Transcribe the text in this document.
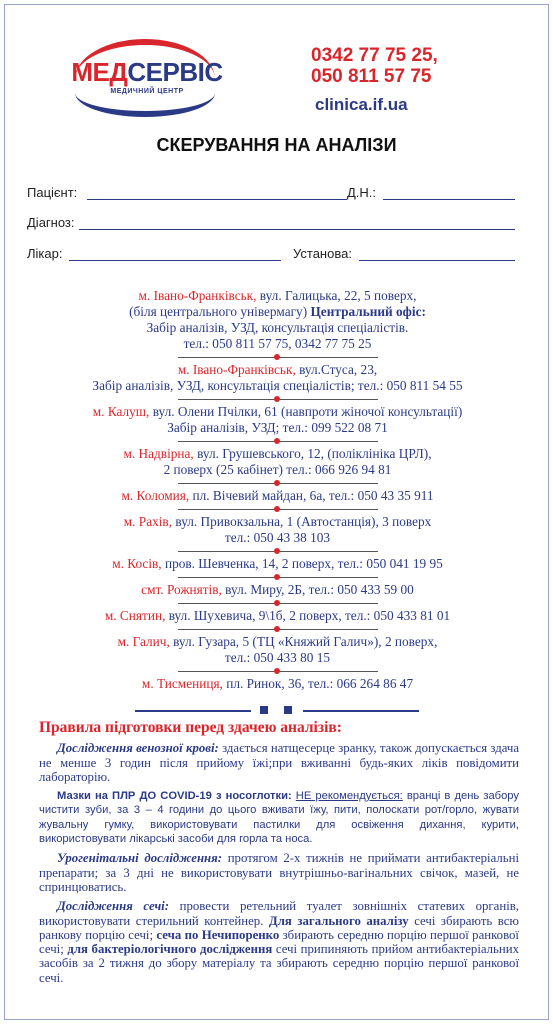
МЕДСЕРВІС
МЕДИЧНИЙ ЦЕНТР
0342 77 75 25,
050 811 57 75
clinica.if.ua
СКЕРУВАННЯ НА АНАЛІЗИ
Пацієнт:	Д.Н.:
Діагноз:
Лікар:	Установа:
м. Івано-Франківськ, вул. Галицька, 22, 5 поверх,
(біля центрального універмагу) Центральний офіс:
Забір аналізів, УЗД, консультація спеціалістів.
тел.: 050 811 57 75, 0342 77 75 25
м. Івано-Франківськ, вул.Стуса, 23,
Забір аналізів, УЗД, консультація спеціалістів; тел.: 050 811 54 55
м. Калуш, вул. Олени Пчілки, 61 (навпроти жіночої консультації)
Забір аналізів, УЗД; тел.: 099 522 08 71
м. Надвірна, вул. Грушевського, 12, (поліклініка ЦРЛ),
2 поверх (25 кабінет) тел.: 066 926 94 81
м. Коломия, пл. Вічевий майдан, 6а, тел.: 050 43 35 911
м. Рахів, вул. Привокзальна, 1 (Автостанція), 3 поверх
тел.: 050 43 38 103
м. Косів, пров. Шевченка, 14, 2 поверх, тел.: 050 041 19 95
смт. Рожнятів, вул. Миру, 2Б, тел.: 050 433 59 00
м. Снятин, вул. Шухевича, 9\1б, 2 поверх, тел.: 050 433 81 01
м. Галич, вул. Гузара, 5 (ТЦ «Княжий Галич»), 2 поверх,
тел.: 050 433 80 15
м. Тисмениця, пл. Ринок, 36, тел.: 066 264 86 47
Правила підготовки перед здачею аналізів:

Дослідження венозної крові: здається натщесерце зранку, також допускається здача не менше 3 годин після прийому їжі;при вживанні будь-яких ліків повідомити лабораторію.

Мазки на ПЛР ДО COVID-19 з носоглотки: НЕ рекомендується: вранці в день забору чистити зуби, за 3 – 4 години до цього вживати їжу, пити, полоскати рот/горло, жувати жувальну гумку, використовувати пастилки для освіження дихання, курити, використовувати лікарські засоби для горла та носа.

Урогенітальні дослідження: протягом 2-х тижнів не приймати антибактеріальні препарати; за 3 дні не використовувати внутрішньо-вагінальних свічок, мазей, не спринцюватись.

Дослідження сечі: провести ретельний туалет зовнішніх статевих органів, використовувати стерильний контейнер. Для загального аналізу сечі збирають всю ранкову порцію сечі; сеча по Нечипоренко збирають середню порцію першої ранкової сечі; для бактеріологічного дослідження сечі припиняють прийом антибактеріальних засобів за 2 тижня до збору матеріалу та збирають середню порцію першої ранкової сечі.
